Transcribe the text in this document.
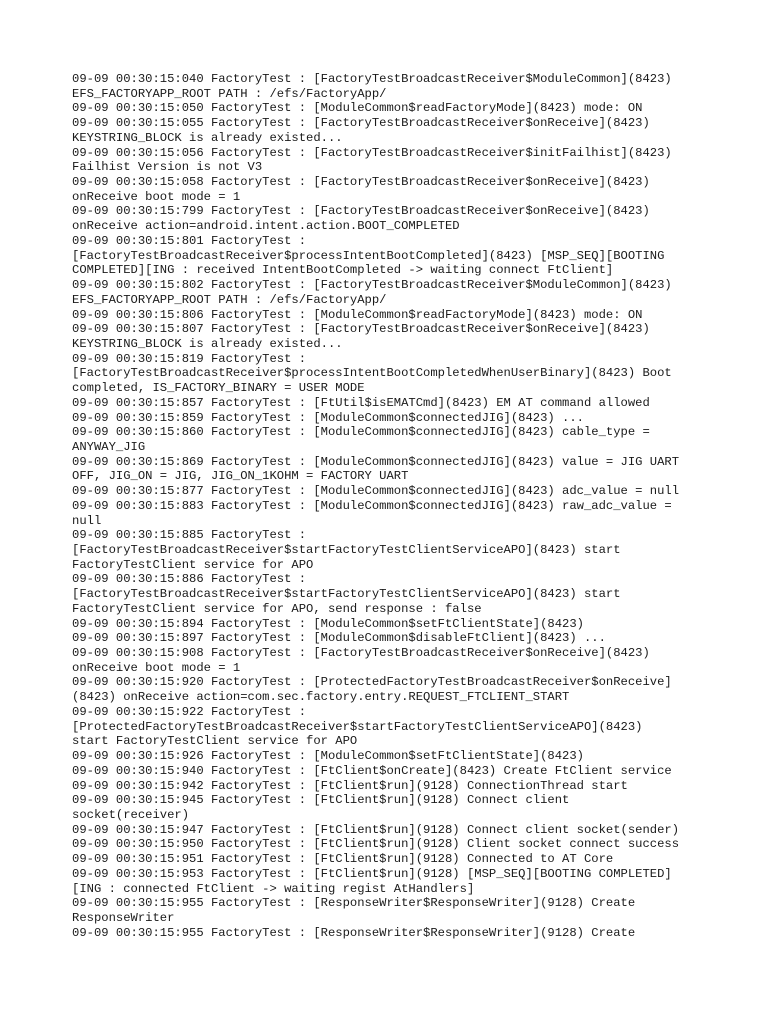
09-09 00:30:15:040 FactoryTest : [FactoryTestBroadcastReceiver$ModuleCommon](8423)
EFS_FACTORYAPP_ROOT PATH : /efs/FactoryApp/
09-09 00:30:15:050 FactoryTest : [ModuleCommon$readFactoryMode](8423) mode: ON
09-09 00:30:15:055 FactoryTest : [FactoryTestBroadcastReceiver$onReceive](8423)
KEYSTRING_BLOCK is already existed...
09-09 00:30:15:056 FactoryTest : [FactoryTestBroadcastReceiver$initFailhist](8423)
Failhist Version is not V3
09-09 00:30:15:058 FactoryTest : [FactoryTestBroadcastReceiver$onReceive](8423)
onReceive boot mode = 1
09-09 00:30:15:799 FactoryTest : [FactoryTestBroadcastReceiver$onReceive](8423)
onReceive action=android.intent.action.BOOT_COMPLETED
09-09 00:30:15:801 FactoryTest :
[FactoryTestBroadcastReceiver$processIntentBootCompleted](8423) [MSP_SEQ][BOOTING
COMPLETED][ING : received IntentBootCompleted -> waiting connect FtClient]
09-09 00:30:15:802 FactoryTest : [FactoryTestBroadcastReceiver$ModuleCommon](8423)
EFS_FACTORYAPP_ROOT PATH : /efs/FactoryApp/
09-09 00:30:15:806 FactoryTest : [ModuleCommon$readFactoryMode](8423) mode: ON
09-09 00:30:15:807 FactoryTest : [FactoryTestBroadcastReceiver$onReceive](8423)
KEYSTRING_BLOCK is already existed...
09-09 00:30:15:819 FactoryTest :
[FactoryTestBroadcastReceiver$processIntentBootCompletedWhenUserBinary](8423) Boot
completed, IS_FACTORY_BINARY = USER MODE
09-09 00:30:15:857 FactoryTest : [FtUtil$isEMATCmd](8423) EM AT command allowed
09-09 00:30:15:859 FactoryTest : [ModuleCommon$connectedJIG](8423) ...
09-09 00:30:15:860 FactoryTest : [ModuleCommon$connectedJIG](8423) cable_type =
ANYWAY_JIG
09-09 00:30:15:869 FactoryTest : [ModuleCommon$connectedJIG](8423) value = JIG UART
OFF, JIG_ON = JIG, JIG_ON_1KOHM = FACTORY UART
09-09 00:30:15:877 FactoryTest : [ModuleCommon$connectedJIG](8423) adc_value = null
09-09 00:30:15:883 FactoryTest : [ModuleCommon$connectedJIG](8423) raw_adc_value =
null
09-09 00:30:15:885 FactoryTest :
[FactoryTestBroadcastReceiver$startFactoryTestClientServiceAPO](8423) start
FactoryTestClient service for APO
09-09 00:30:15:886 FactoryTest :
[FactoryTestBroadcastReceiver$startFactoryTestClientServiceAPO](8423) start
FactoryTestClient service for APO, send response : false
09-09 00:30:15:894 FactoryTest : [ModuleCommon$setFtClientState](8423)
09-09 00:30:15:897 FactoryTest : [ModuleCommon$disableFtClient](8423) ...
09-09 00:30:15:908 FactoryTest : [FactoryTestBroadcastReceiver$onReceive](8423)
onReceive boot mode = 1
09-09 00:30:15:920 FactoryTest : [ProtectedFactoryTestBroadcastReceiver$onReceive]
(8423) onReceive action=com.sec.factory.entry.REQUEST_FTCLIENT_START
09-09 00:30:15:922 FactoryTest :
[ProtectedFactoryTestBroadcastReceiver$startFactoryTestClientServiceAPO](8423)
start FactoryTestClient service for APO
09-09 00:30:15:926 FactoryTest : [ModuleCommon$setFtClientState](8423)
09-09 00:30:15:940 FactoryTest : [FtClient$onCreate](8423) Create FtClient service
09-09 00:30:15:942 FactoryTest : [FtClient$run](9128) ConnectionThread start
09-09 00:30:15:945 FactoryTest : [FtClient$run](9128) Connect client
socket(receiver)
09-09 00:30:15:947 FactoryTest : [FtClient$run](9128) Connect client socket(sender)
09-09 00:30:15:950 FactoryTest : [FtClient$run](9128) Client socket connect success
09-09 00:30:15:951 FactoryTest : [FtClient$run](9128) Connected to AT Core
09-09 00:30:15:953 FactoryTest : [FtClient$run](9128) [MSP_SEQ][BOOTING COMPLETED]
[ING : connected FtClient -> waiting regist AtHandlers]
09-09 00:30:15:955 FactoryTest : [ResponseWriter$ResponseWriter](9128) Create
ResponseWriter
09-09 00:30:15:955 FactoryTest : [ResponseWriter$ResponseWriter](9128) Create
